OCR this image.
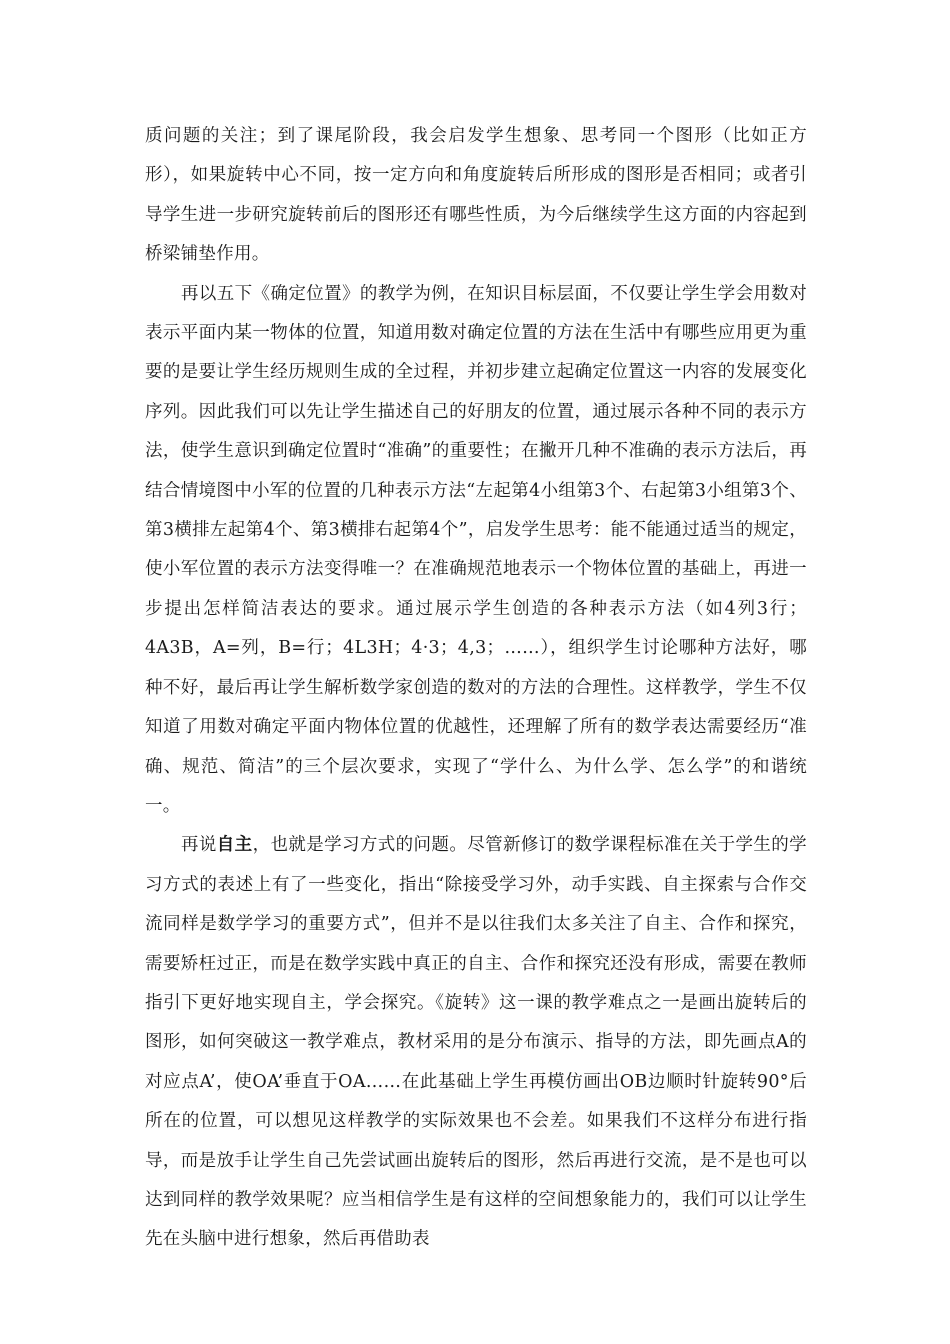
质问题的关注；到了课尾阶段，我会启发学生想象、思考同一个图形（比如正方形），如果旋转中心不同，按一定方向和角度旋转后所形成的图形是否相同；或者引导学生进一步研究旋转前后的图形还有哪些性质，为今后继续学生这方面的内容起到桥梁铺垫作用。

再以五下《确定位置》的教学为例，在知识目标层面，不仅要让学生学会用数对表示平面内某一物体的位置，知道用数对确定位置的方法在生活中有哪些应用更为重要的是要让学生经历规则生成的全过程，并初步建立起确定位置这一内容的发展变化序列。因此我们可以先让学生描述自己的好朋友的位置，通过展示各种不同的表示方法，使学生意识到确定位置时“准确”的重要性；在撇开几种不准确的表示方法后，再结合情境图中小军的位置的几种表示方法“左起第4小组第3个、右起第3小组第3个、第3横排左起第4个、第3横排右起第4个”，启发学生思考：能不能通过适当的规定，使小军位置的表示方法变得唯一？在准确规范地表示一个物体位置的基础上，再进一步提出怎样简洁表达的要求。通过展示学生创造的各种表示方法（如4列3行；4A3B，A=列，B=行；4L3H；4·3；4,3；……），组织学生讨论哪种方法好，哪种不好，最后再让学生解析数学家创造的数对的方法的合理性。这样教学，学生不仅知道了用数对确定平面内物体位置的优越性，还理解了所有的数学表达需要经历“准确、规范、简洁”的三个层次要求，实现了“学什么、为什么学、怎么学”的和谐统一。

再说自主，也就是学习方式的问题。尽管新修订的数学课程标准在关于学生的学习方式的表述上有了一些变化，指出“除接受学习外，动手实践、自主探索与合作交流同样是数学学习的重要方式”，但并不是以往我们太多关注了自主、合作和探究，需要矫枉过正，而是在数学实践中真正的自主、合作和探究还没有形成，需要在教师指引下更好地实现自主，学会探究。《旋转》这一课的教学难点之一是画出旋转后的图形，如何突破这一教学难点，教材采用的是分布演示、指导的方法，即先画点A的对应点A’，使OA’垂直于OA……在此基础上学生再模仿画出OB边顺时针旋转90°后所在的位置，可以想见这样教学的实际效果也不会差。如果我们不这样分布进行指导，而是放手让学生自己先尝试画出旋转后的图形，然后再进行交流，是不是也可以达到同样的教学效果呢？应当相信学生是有这样的空间想象能力的，我们可以让学生先在头脑中进行想象，然后再借助表
